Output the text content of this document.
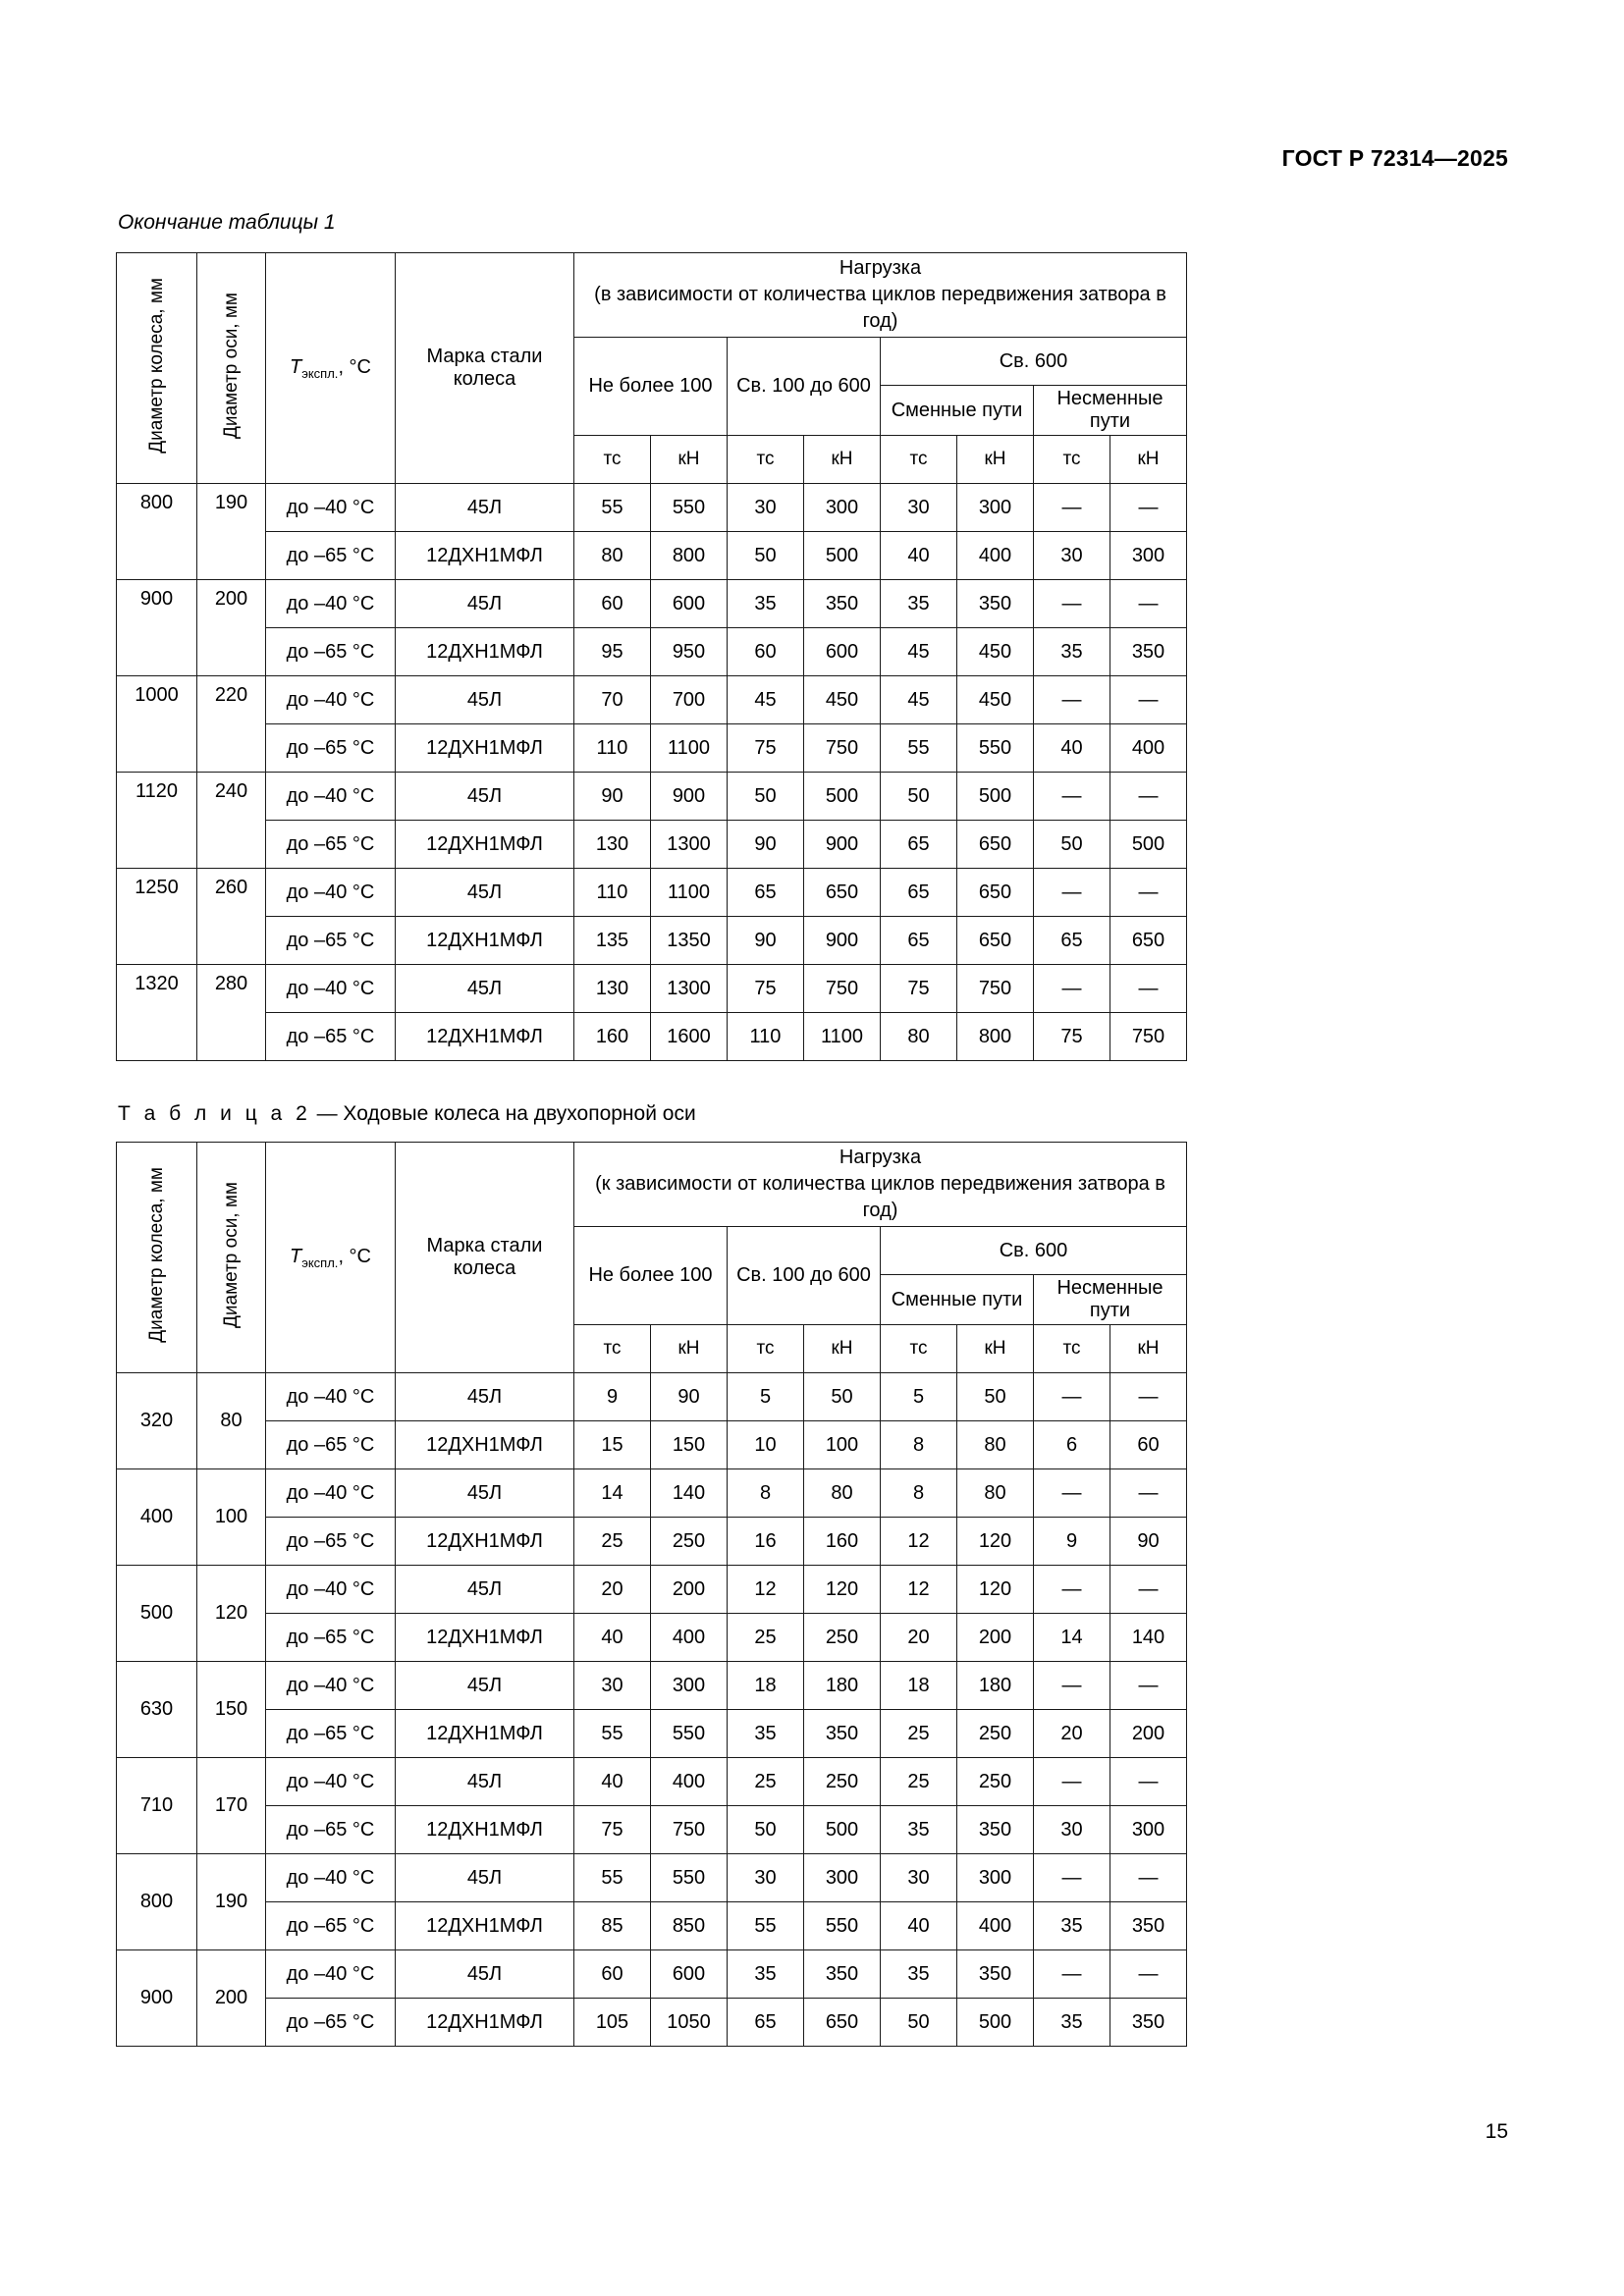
ГОСТ Р 72314—2025
Окончание таблицы 1
Диаметр колеса, мм	Диаметр оси, мм	$T_{экспл.}$, °C	Марка стали колеса	Нагрузка
(в зависимости от количества циклов передвижения затвора в год)							

				Не более 100		Св. 100 до 600		Св. 600			
								Сменные пути		Несменные пути	
				тс	кН	тс	кН	тс	кН	тс	кН
800	190	до –40 °C	45Л	55	550	30	300	30	300	—	—
		до –65 °C	12ДХН1МФЛ	80	800	50	500	40	400	30	300
900	200	до –40 °C	45Л	60	600	35	350	35	350	—	—
		до –65 °C	12ДХН1МФЛ	95	950	60	600	45	450	35	350
1000	220	до –40 °C	45Л	70	700	45	450	45	450	—	—
		до –65 °C	12ДХН1МФЛ	110	1100	75	750	55	550	40	400
1120	240	до –40 °C	45Л	90	900	50	500	50	500	—	—
		до –65 °C	12ДХН1МФЛ	130	1300	90	900	65	650	50	500
1250	260	до –40 °C	45Л	110	1100	65	650	65	650	—	—
		до –65 °C	12ДХН1МФЛ	135	1350	90	900	65	650	65	650
1320	280	до –40 °C	45Л	130	1300	75	750	75	750	—	—
		до –65 °C	12ДХН1МФЛ	160	1600	110	1100	80	800	75	750
Т а б л и ц а 2 — Ходовые колеса на двухопорной оси
Диаметр колеса, мм	Диаметр оси, мм	$T_{экспл.}$, °C	Марка стали колеса	Нагрузка
(к зависимости от количества циклов передвижения затвора в год)							

				Не более 100		Св. 100 до 600		Св. 600			
								Сменные пути		Несменные пути	
				тс	кН	тс	кН	тс	кН	тс	кН
320	80	до –40 °C	45Л	9	90	5	50	5	50	—	—
		до –65 °C	12ДХН1МФЛ	15	150	10	100	8	80	6	60
400	100	до –40 °C	45Л	14	140	8	80	8	80	—	—
		до –65 °C	12ДХН1МФЛ	25	250	16	160	12	120	9	90
500	120	до –40 °C	45Л	20	200	12	120	12	120	—	—
		до –65 °C	12ДХН1МФЛ	40	400	25	250	20	200	14	140
630	150	до –40 °C	45Л	30	300	18	180	18	180	—	—
		до –65 °C	12ДХН1МФЛ	55	550	35	350	25	250	20	200
710	170	до –40 °C	45Л	40	400	25	250	25	250	—	—
		до –65 °C	12ДХН1МФЛ	75	750	50	500	35	350	30	300
800	190	до –40 °C	45Л	55	550	30	300	30	300	—	—
		до –65 °C	12ДХН1МФЛ	85	850	55	550	40	400	35	350
900	200	до –40 °C	45Л	60	600	35	350	35	350	—	—
		до –65 °C	12ДХН1МФЛ	105	1050	65	650	50	500	35	350
15
